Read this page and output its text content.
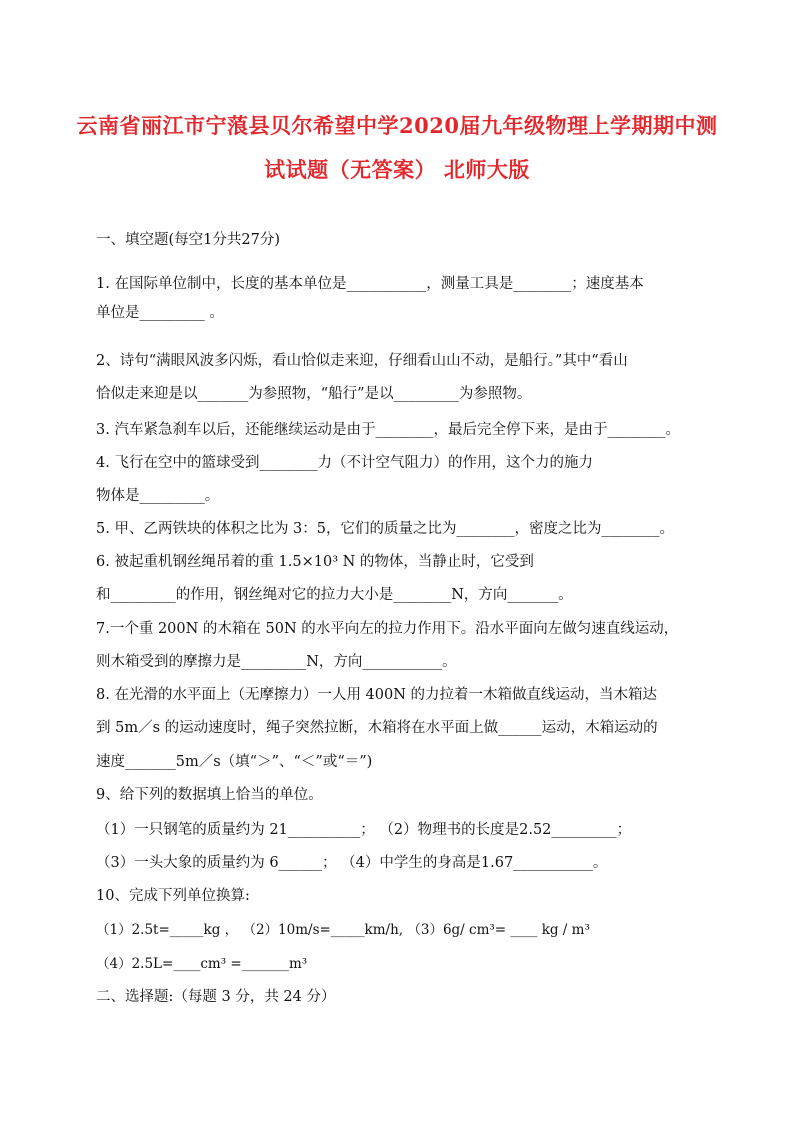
云南省丽江市宁蒗县贝尔希望中学2020届九年级物理上学期期中测
试试题（无答案） 北师大版
一、填空题(每空1分共27分)
1. 在国际单位制中，长度的基本单位是___________，测量工具是________；速度基本
单位是_________ 。
2、诗句“满眼风波多闪烁，看山恰似走来迎，仔细看山山不动，是船行。”其中“看山
恰似走来迎是以_______为参照物，“船行”是以_________为参照物。
3. 汽车紧急刹车以后，还能继续运动是由于________，最后完全停下来，是由于________。
4. 飞行在空中的篮球受到________力（不计空气阻力）的作用，这个力的施力
物体是_________。
5. 甲、乙两铁块的体积之比为 3：5，它们的质量之比为________，密度之比为________。
6. 被起重机钢丝绳吊着的重 1.5×10³ N 的物体，当静止时，它受到
和_________的作用，钢丝绳对它的拉力大小是________N，方向_______。
7.一个重 200N 的木箱在 50N 的水平向左的拉力作用下。沿水平面向左做匀速直线运动，
则木箱受到的摩擦力是_________N，方向___________。
8. 在光滑的水平面上（无摩擦力）一人用 400N 的力拉着一木箱做直线运动，当木箱达
到 5m／s 的运动速度时，绳子突然拉断，木箱将在水平面上做______运动，木箱运动的
速度_______5m／s（填“＞”、“＜”或“＝”)
9、给下列的数据填上恰当的单位。
（1）一只钢笔的质量约为 21__________； （2）物理书的长度是2.52_________；
（3）一头大象的质量约为 6______； （4）中学生的身高是1.67___________。
10、完成下列单位换算:
（1）2.5t=_____kg ， （2）10m/s=_____km/h, （3）6g/ cm³= ____ kg / m³
（4）2.5L=____cm³ =_______m³
二、选择题:（每题 3 分，共 24 分）
